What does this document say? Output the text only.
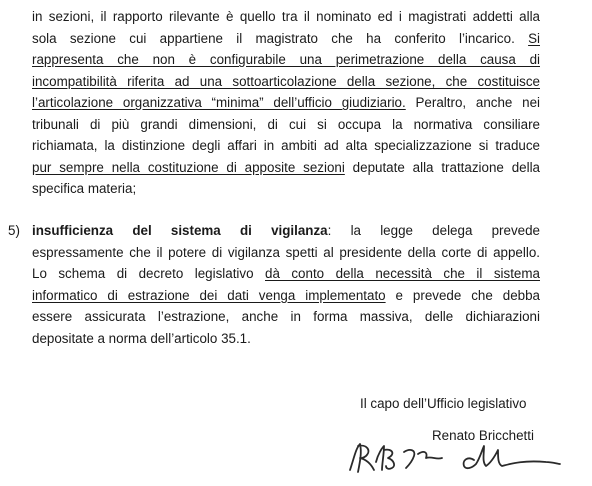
in sezioni, il rapporto rilevante è quello tra il nominato ed i magistrati addetti alla
sola sezione cui appartiene il magistrato che ha conferito l’incarico. Si
rappresenta che non è configurabile una perimetrazione della causa di
incompatibilità riferita ad una sottoarticolazione della sezione, che costituisce
l’articolazione organizzativa “minima” dell’ufficio giudiziario. Peraltro, anche nei
tribunali di più grandi dimensioni, di cui si occupa la normativa consiliare
richiamata, la distinzione degli affari in ambiti ad alta specializzazione si traduce
pur sempre nella costituzione di apposite sezioni deputate alla trattazione della
specifica materia;
5) insufficienza del sistema di vigilanza: la legge delega prevede
espressamente che il potere di vigilanza spetti al presidente della corte di appello.
Lo schema di decreto legislativo dà conto della necessità che il sistema
informatico di estrazione dei dati venga implementato e prevede che debba
essere assicurata l’estrazione, anche in forma massiva, delle dichiarazioni
depositate a norma dell’articolo 35.1.
Il capo dell’Ufficio legislativo
Renato Bricchetti
